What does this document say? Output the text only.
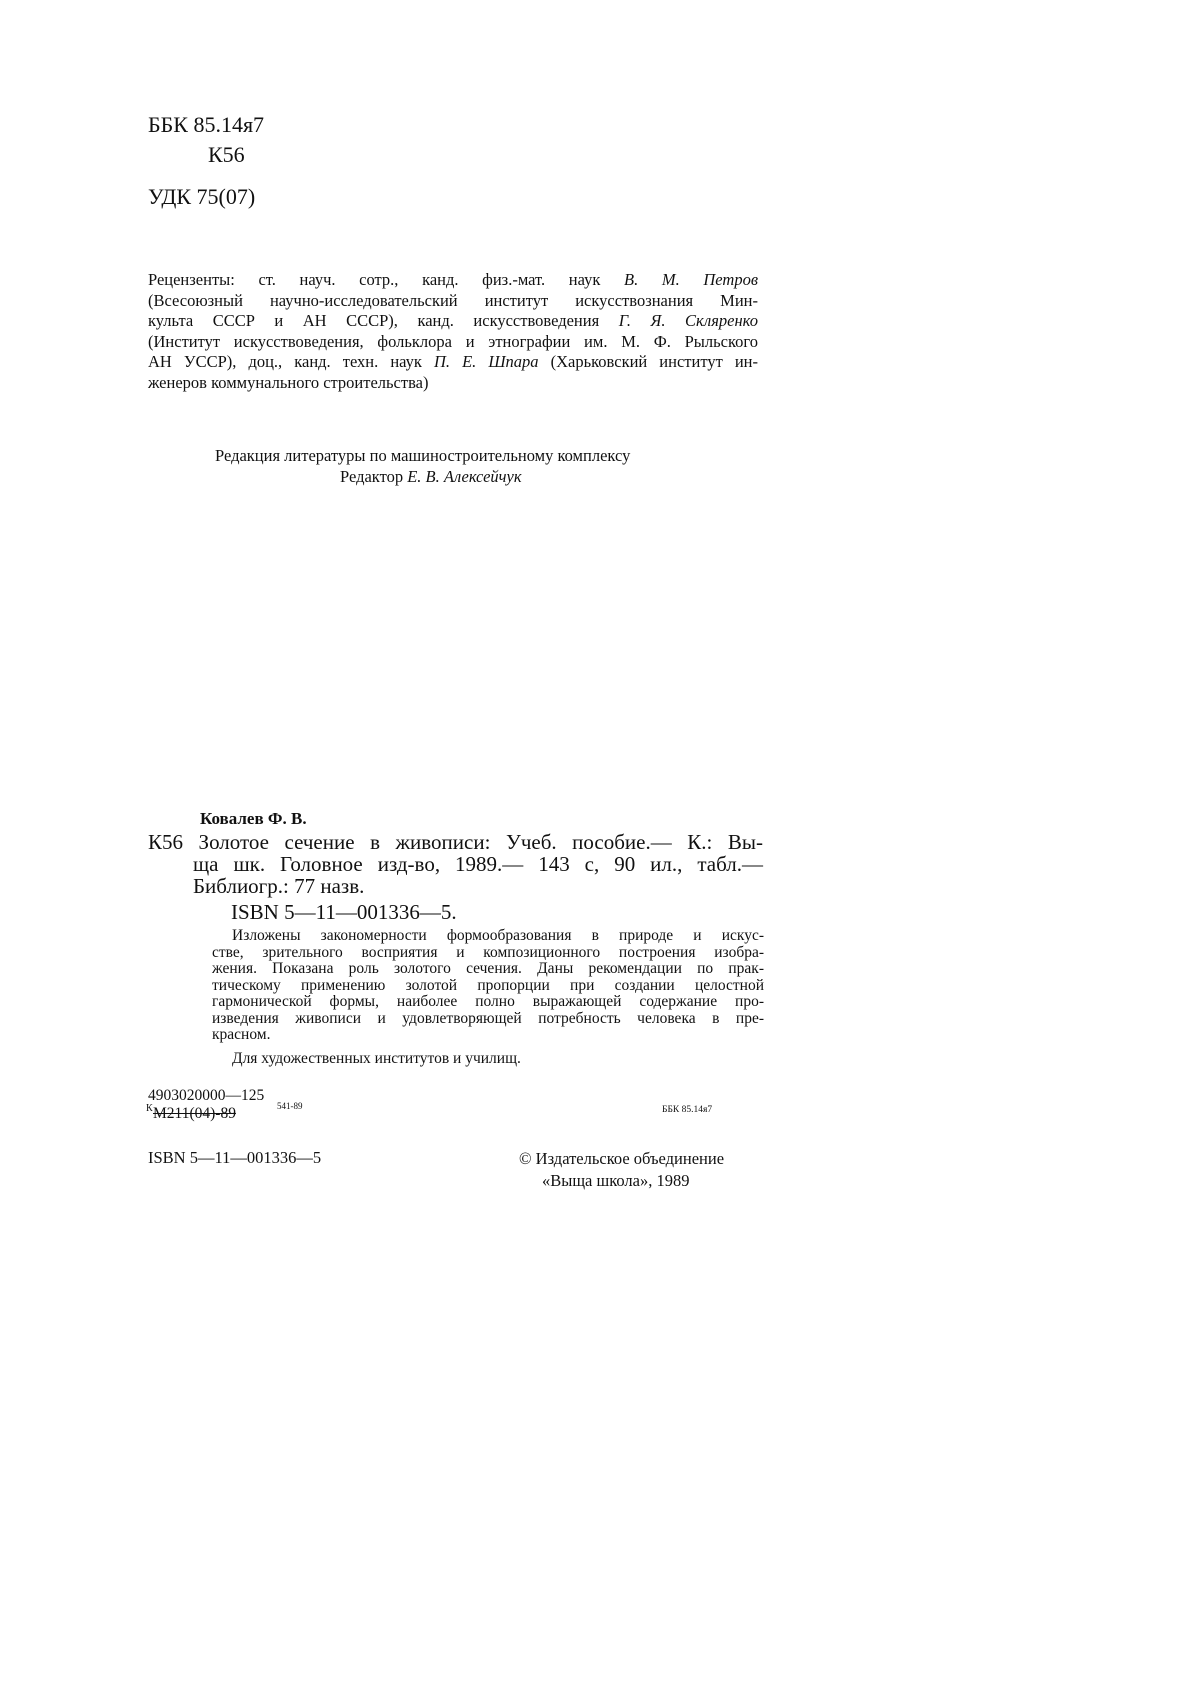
ББК 85.14я7
К56
УДК 75(07)
Рецензенты: ст. науч. сотр., канд. физ.-мат. наук В. М. Петров
(Всесоюзный научно-исследовательский институт искусствознания Мин-
культа СССР и АН СССР), канд. искусствоведения Г. Я. Скляренко
(Институт искусствоведения, фольклора и этнографии им. М. Ф. Рыльского
АН УССР), доц., канд. техн. наук П. Е. Шпара (Харьковский институт ин-
женеров коммунального строительства)
Редакция литературы по машиностроительному комплексу
Редактор Е. В. Алексейчук
Ковалев Ф. В.
К56 Золотое сечение в живописи: Учеб. пособие.— К.: Вы-
ща шк. Головное изд-во, 1989.— 143 с, 90 ил., табл.—
Библиогр.: 77 назв.
ISBN 5—11—001336—5.
Изложены закономерности формообразования в природе и искус-
стве, зрительного восприятия и композиционного построения изобра-
жения. Показана роль золотого сечения. Даны рекомендации по прак-
тическому применению золотой пропорции при создании целостной
гармонической формы, наиболее полно выражающей содержание про-
изведения живописи и удовлетворяющей потребность человека в пре-
красном.
Для художественных институтов и училищ.
4903020000—125
К М211(04)-89	541-89	ББК 85.14я7
ISBN 5—11—001336—5	© Издательское объединение
«Выща школа», 1989
